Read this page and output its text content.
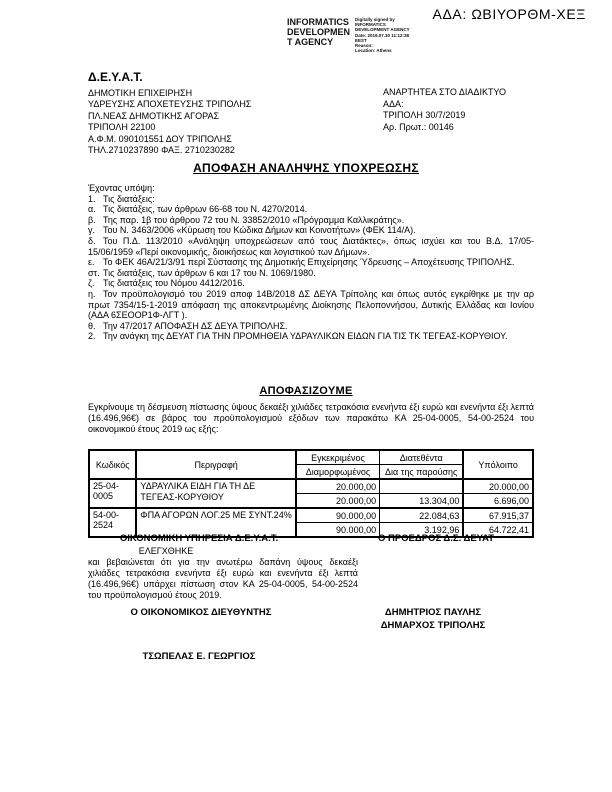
ΑΔΑ: ΩΒΙΥΟΡΘΜ-ΧΕΞ
INFORMATICS
DEVELOPMEN
T AGENCY
Digitally signed by
INFORMATICS
DEVELOPMENT AGENCY
Date: 2019.07.30 11:12:38
EEST
Reason:
Location: Athens
Δ.Ε.Υ.Α.Τ.
ΔΗΜΟΤΙΚΗ ΕΠΙΧΕΙΡΗΣΗ
ΥΔΡΕΥΣΗΣ ΑΠΟΧΕΤΕΥΣΗΣ ΤΡΙΠΟΛΗΣ
ΠΛ.ΝΕΑΣ ΔΗΜΟΤΙΚΗΣ ΑΓΟΡΑΣ
ΤΡΙΠΟΛΗ 22100
Α.Φ.Μ. 090101551 ΔΟΥ ΤΡΙΠΟΛΗΣ
ΤΗΛ.2710237890 ΦΑΞ. 2710230282
ΑΝΑΡΤΗΤΕΑ ΣΤΟ ΔΙΑΔΙΚΤΥΟ
ΑΔΑ:
ΤΡΙΠΟΛΗ 30/7/2019
Αρ. Πρωτ.: 00146
ΑΠΟΦΑΣΗ ΑΝΑΛΗΨΗΣ ΥΠΟΧΡΕΩΣΗΣ

Έχοντας υπόψη:

1. Τις διατάξεις:

α. Τις διατάξεις, των άρθρων 66-68 του Ν. 4270/2014.

β. Της παρ. 1β του άρθρου 72 του Ν. 33852/2010 «Πρόγραμμα Καλλικράτης».

γ. Του Ν. 3463/2006 «Κύρωση του Κώδικα Δήμων και Κοινοτήτων» (ΦΕΚ 114/Α).

δ. Του Π.Δ. 113/2010 «Ανάληψη υποχρεώσεων από τους Διατάκτες», όπως ισχύει και του Β.Δ. 17/05-15/06/1959 «Περί οικονομικής, διοικήσεως και λογιστικού των Δήμων».

ε. Το ΦΕΚ 46Α/21/3/91 περί Σύστασης της Δημοτικής Επιχείρησης Ύδρευσης – Αποχέτευσης ΤΡΙΠΟΛΗΣ.

στ. Τις διατάξεις, των άρθρων 6 και 17 του Ν. 1069/1980.

ζ. Τις διατάξεις του Νόμου 4412/2016.

η. Τον προϋπολογισμό του 2019 αποφ 14Β/2018 ΔΣ ΔΕΥΑ Τρίπολης και όπως αυτός εγκρίθηκε με την αρ πρωτ 7354/15-1-2019 απόφαση της αποκεντρωμένης Διοίκησης Πελοποννήσου, Δυτικής Ελλάδας και Ιονίου (ΑΔΑ 6ΣΕΟΟΡ1Φ-ΛΓΤ ).

θ. Την 47/2017 ΑΠΟΦΑΣΗ ΔΣ ΔΕΥΑ ΤΡΙΠΟΛΗΣ.

2. Την ανάγκη της ΔΕΥΑΤ ΓΙΑ ΤΗΝ ΠΡΟΜΗΘΕΙΑ ΥΔΡΑΥΛΙΚΩΝ ΕΙΔΩΝ ΓΙΑ ΤΙΣ ΤΚ ΤΕΓΕΑΣ-ΚΟΡΥΘΙΟΥ.

ΑΠΟΦΑΣΙΖΟΥΜΕ
Εγκρίνουμε τη δέσμευση πίστωσης ύψους δεκαέξι χιλιάδες τετρακόσια ενενήντα έξι ευρώ και ενενήντα έξι λεπτά (16.496,96€) σε βάρος του προϋπολογισμού εξόδων των παρακάτω ΚΑ 25-04-0005, 54-00-2524 του οικονομικού έτους 2019 ως εξής:
Κωδικός	Περιγραφή	Εγκεκριμένος	Διατεθέντα	Υπόλοιπο
		Διαμορφωμένος	Δια της παρούσης	
25-04-0005	ΥΔΡΑΥΛΙΚΑ ΕΙΔΗ ΓΙΑ ΤΗ ΔΕ ΤΕΓΕΑΣ-ΚΟΡΥΘΙΟΥ	20.000,00		20.000,00
		20.000,00	13.304,00	6.696,00
54-00-2524	ΦΠΑ ΑΓΟΡΩΝ ΛΟΓ.25 ΜΕ ΣΥΝΤ.24%	90.000,00	22.084,63	67.915,37
		90.000,00	3.192,96	64.722,41
ΟΙΚΟΝΟΜΙΚΗ ΥΠΗΡΕΣΙΑ Δ.Ε.Υ.Α.Τ.	Ο ΠΡΟΕΔΡΟΣ Δ.Σ. ΔΕΥΑΤ
ΕΛΕΓΧΘΗΚΕ
και βεβαιώνεται ότι για την ανωτέρω δαπάνη ύψους δεκαέξι χιλιάδες τετρακόσια ενενήντα έξι ευρώ και ενενήντα έξι λεπτά (16.496,96€) υπάρχει πίστωση στον ΚΑ 25-04-0005, 54-00-2524 του προϋπολογισμού έτους 2019.
Ο ΟΙΚΟΝΟΜΙΚΟΣ ΔΙΕΥΘΥΝΤΗΣ	ΔΗΜΗΤΡΙΟΣ ΠΑΥΛΗΣ
ΔΗΜΑΡΧΟΣ ΤΡΙΠΟΛΗΣ
ΤΣΩΠΕΛΑΣ Ε. ΓΕΩΡΓΙΟΣ
